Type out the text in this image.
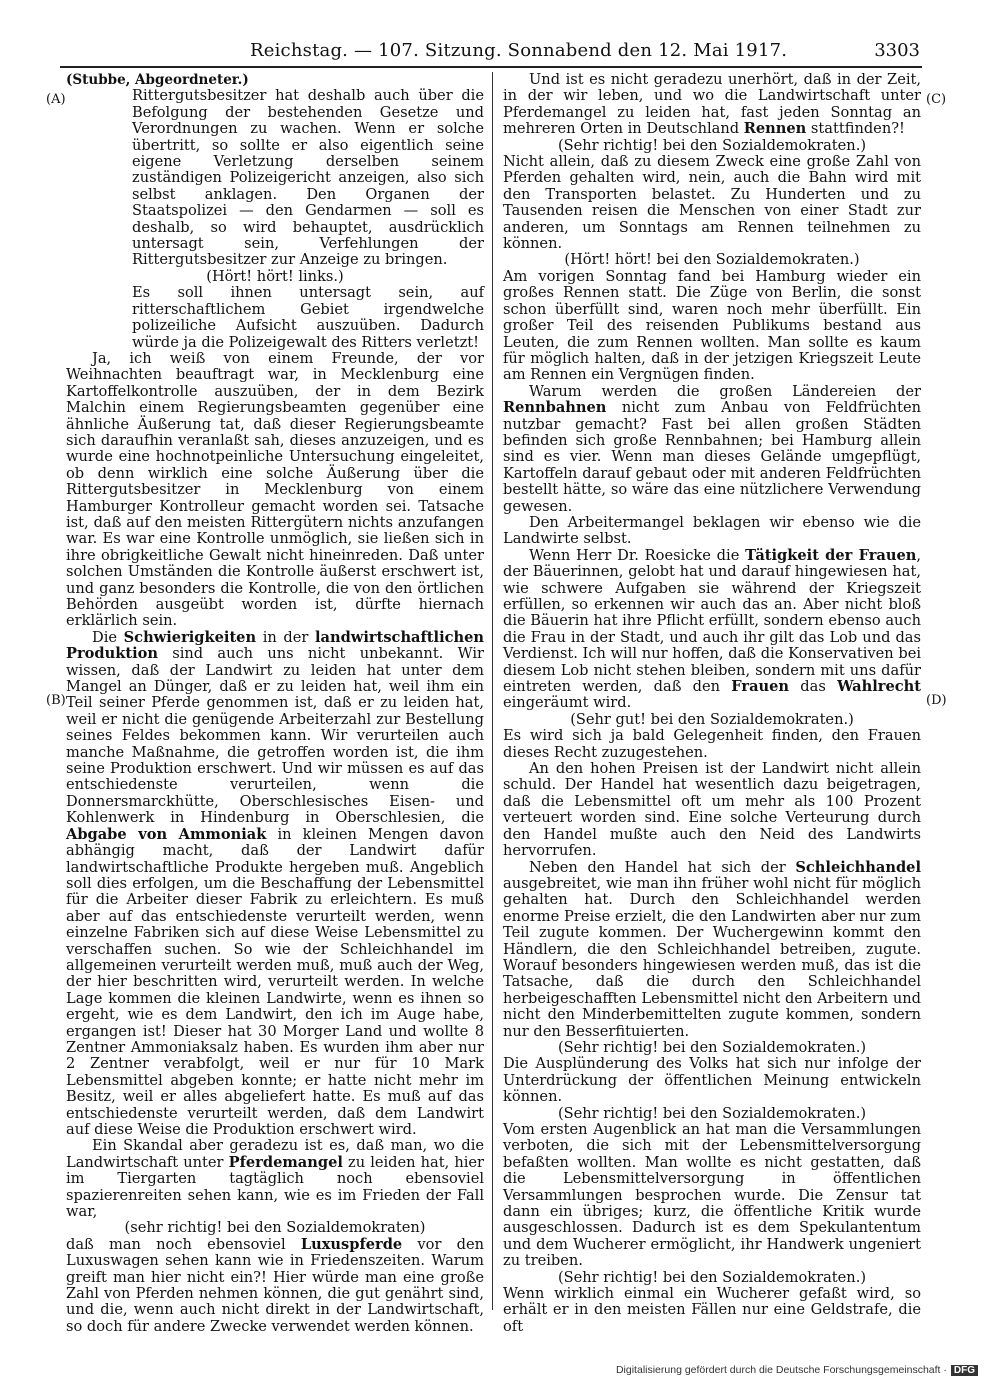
Reichstag. — 107. Sitzung. Sonnabend den 12. Mai 1917.	3303
(A)
(B)
(C)
(D)

(Stubbe, Abgeordneter.)

Rittergutsbesitzer hat deshalb auch über die Befolgung der bestehenden Gesetze und Verordnungen zu wachen. Wenn er solche übertritt, so sollte er also eigentlich seine eigene Verletzung derselben seinem zuständigen Polizeigericht anzeigen, also sich selbst anklagen. Den Organen der Staatspolizei — den Gendarmen — soll es deshalb, so wird behauptet, ausdrücklich untersagt sein, Verfehlungen der Rittergutsbesitzer zur Anzeige zu bringen.

(Hört! hört! links.)

Es soll ihnen untersagt sein, auf ritterschaftlichem Gebiet irgendwelche polizeiliche Aufsicht auszuüben. Dadurch würde ja die Polizeigewalt des Ritters verletzt!

Ja, ich weiß von einem Freunde, der vor Weihnachten beauftragt war, in Mecklenburg eine Kartoffelkontrolle auszuüben, der in dem Bezirk Malchin einem Regierungsbeamten gegenüber eine ähnliche Äußerung tat, daß dieser Regierungsbeamte sich daraufhin veranlaßt sah, dieses anzuzeigen, und es wurde eine hochnotpeinliche Untersuchung eingeleitet, ob denn wirklich eine solche Äußerung über die Rittergutsbesitzer in Mecklenburg von einem Hamburger Kontrolleur gemacht worden sei. Tatsache ist, daß auf den meisten Rittergütern nichts anzufangen war. Es war eine Kontrolle unmöglich, sie ließen sich in ihre obrigkeitliche Gewalt nicht hineinreden. Daß unter solchen Umständen die Kontrolle äußerst erschwert ist, und ganz besonders die Kontrolle, die von den örtlichen Behörden ausgeübt worden ist, dürfte hiernach erklärlich sein.

Die Schwierigkeiten in der landwirtschaftlichen Produktion sind auch uns nicht unbekannt. Wir wissen, daß der Landwirt zu leiden hat unter dem Mangel an Dünger, daß er zu leiden hat, weil ihm ein Teil seiner Pferde genommen ist, daß er zu leiden hat, weil er nicht die genügende Arbeiterzahl zur Bestellung seines Feldes bekommen kann. Wir verurteilen auch manche Maßnahme, die getroffen worden ist, die ihm seine Produktion erschwert. Und wir müssen es auf das entschiedenste verurteilen, wenn die Donnersmarckhütte, Oberschlesisches Eisen- und Kohlenwerk in Hindenburg in Oberschlesien, die Abgabe von Ammoniak in kleinen Mengen davon abhängig macht, daß der Landwirt dafür landwirtschaftliche Produkte hergeben muß. Angeblich soll dies erfolgen, um die Beschaffung der Lebensmittel für die Arbeiter dieser Fabrik zu erleichtern. Es muß aber auf das entschiedenste verurteilt werden, wenn einzelne Fabriken sich auf diese Weise Lebensmittel zu verschaffen suchen. So wie der Schleichhandel im allgemeinen verurteilt werden muß, muß auch der Weg, der hier beschritten wird, verurteilt werden. In welche Lage kommen die kleinen Landwirte, wenn es ihnen so ergeht, wie es dem Landwirt, den ich im Auge habe, ergangen ist! Dieser hat 30 Morger Land und wollte 8 Zentner Ammoniaksalz haben. Es wurden ihm aber nur 2 Zentner verabfolgt, weil er nur für 10 Mark Lebensmittel abgeben konnte; er hatte nicht mehr im Besitz, weil er alles abgeliefert hatte. Es muß auf das entschiedenste verurteilt werden, daß dem Landwirt auf diese Weise die Produktion erschwert wird.

Ein Skandal aber geradezu ist es, daß man, wo die Landwirtschaft unter Pferdemangel zu leiden hat, hier im Tiergarten tagtäglich noch ebensoviel spazierenreiten sehen kann, wie es im Frieden der Fall war,

(sehr richtig! bei den Sozialdemokraten)

daß man noch ebensoviel Luxuspferde vor den Luxuswagen sehen kann wie in Friedenszeiten. Warum greift man hier nicht ein?! Hier würde man eine große Zahl von Pferden nehmen können, die gut genährt sind, und die, wenn auch nicht direkt in der Landwirtschaft, so doch für andere Zwecke verwendet werden können.

Und ist es nicht geradezu unerhört, daß in der Zeit, in der wir leben, und wo die Landwirtschaft unter Pferdemangel zu leiden hat, fast jeden Sonntag an mehreren Orten in Deutschland Rennen stattfinden?!

(Sehr richtig! bei den Sozialdemokraten.)

Nicht allein, daß zu diesem Zweck eine große Zahl von Pferden gehalten wird, nein, auch die Bahn wird mit den Transporten belastet. Zu Hunderten und zu Tausenden reisen die Menschen von einer Stadt zur anderen, um Sonntags am Rennen teilnehmen zu können.

(Hört! hört! bei den Sozialdemokraten.)

Am vorigen Sonntag fand bei Hamburg wieder ein großes Rennen statt. Die Züge von Berlin, die sonst schon überfüllt sind, waren noch mehr überfüllt. Ein großer Teil des reisenden Publikums bestand aus Leuten, die zum Rennen wollten. Man sollte es kaum für möglich halten, daß in der jetzigen Kriegszeit Leute am Rennen ein Vergnügen finden.

Warum werden die großen Ländereien der Rennbahnen nicht zum Anbau von Feldfrüchten nutzbar gemacht? Fast bei allen großen Städten befinden sich große Rennbahnen; bei Hamburg allein sind es vier. Wenn man dieses Gelände umgepflügt, Kartoffeln darauf gebaut oder mit anderen Feldfrüchten bestellt hätte, so wäre das eine nützlichere Verwendung gewesen.

Den Arbeitermangel beklagen wir ebenso wie die Landwirte selbst.

Wenn Herr Dr. Roesicke die Tätigkeit der Frauen, der Bäuerinnen, gelobt hat und darauf hingewiesen hat, wie schwere Aufgaben sie während der Kriegszeit erfüllen, so erkennen wir auch das an. Aber nicht bloß die Bäuerin hat ihre Pflicht erfüllt, sondern ebenso auch die Frau in der Stadt, und auch ihr gilt das Lob und das Verdienst. Ich will nur hoffen, daß die Konservativen bei diesem Lob nicht stehen bleiben, sondern mit uns dafür eintreten werden, daß den Frauen das Wahlrecht eingeräumt wird.

(Sehr gut! bei den Sozialdemokraten.)

Es wird sich ja bald Gelegenheit finden, den Frauen dieses Recht zuzugestehen.

An den hohen Preisen ist der Landwirt nicht allein schuld. Der Handel hat wesentlich dazu beigetragen, daß die Lebensmittel oft um mehr als 100 Prozent verteuert worden sind. Eine solche Verteurung durch den Handel mußte auch den Neid des Landwirts hervorrufen.

Neben den Handel hat sich der Schleichhandel ausgebreitet, wie man ihn früher wohl nicht für möglich gehalten hat. Durch den Schleichhandel werden enorme Preise erzielt, die den Landwirten aber nur zum Teil zugute kommen. Der Wuchergewinn kommt den Händlern, die den Schleichhandel betreiben, zugute. Worauf besonders hingewiesen werden muß, das ist die Tatsache, daß die durch den Schleichhandel herbeigeschafften Lebensmittel nicht den Arbeitern und nicht den Minderbemittelten zugute kommen, sondern nur den Besserfituierten.

(Sehr richtig! bei den Sozialdemokraten.)

Die Ausplünderung des Volks hat sich nur infolge der Unterdrückung der öffentlichen Meinung entwickeln können.

(Sehr richtig! bei den Sozialdemokraten.)

Vom ersten Augenblick an hat man die Versammlungen verboten, die sich mit der Lebensmittelversorgung befaßten wollten. Man wollte es nicht gestatten, daß die Lebensmittelversorgung in öffentlichen Versammlungen besprochen wurde. Die Zensur tat dann ein übriges; kurz, die öffentliche Kritik wurde ausgeschlossen. Dadurch ist es dem Spekulantentum und dem Wucherer ermöglicht, ihr Handwerk ungeniert zu treiben.

(Sehr richtig! bei den Sozialdemokraten.)

Wenn wirklich einmal ein Wucherer gefaßt wird, so erhält er in den meisten Fällen nur eine Geldstrafe, die oft

Digitalisierung gefördert durch die Deutsche Forschungsgemeinschaft · DFG
